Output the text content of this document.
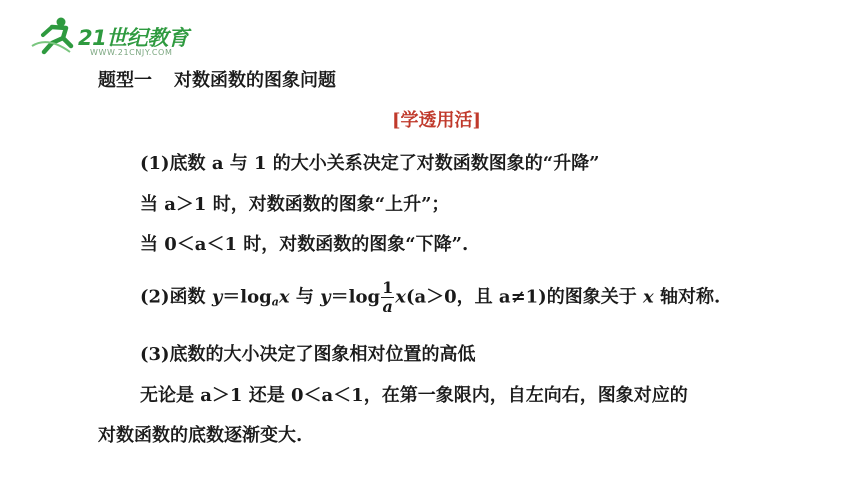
21世纪教育
WWW.21CNJY.COM
题型一 对数函数的图象问题
[学透用活]
(1)底数 a 与 1 的大小关系决定了对数函数图象的“升降”
当 a＞1 时，对数函数的图象“上升”；
当 0＜a＜1 时，对数函数的图象“下降”.
(2)函数 $y=\log_ax$ 与 $y=\log \frac{1}{a} x(a>0$，且 a≠1)的图象关于 x 轴对称.
(3)底数的大小决定了图象相对位置的高低
无论是 a＞1 还是 0＜a＜1，在第一象限内，自左向右，图象对应的
对数函数的底数逐渐变大.
